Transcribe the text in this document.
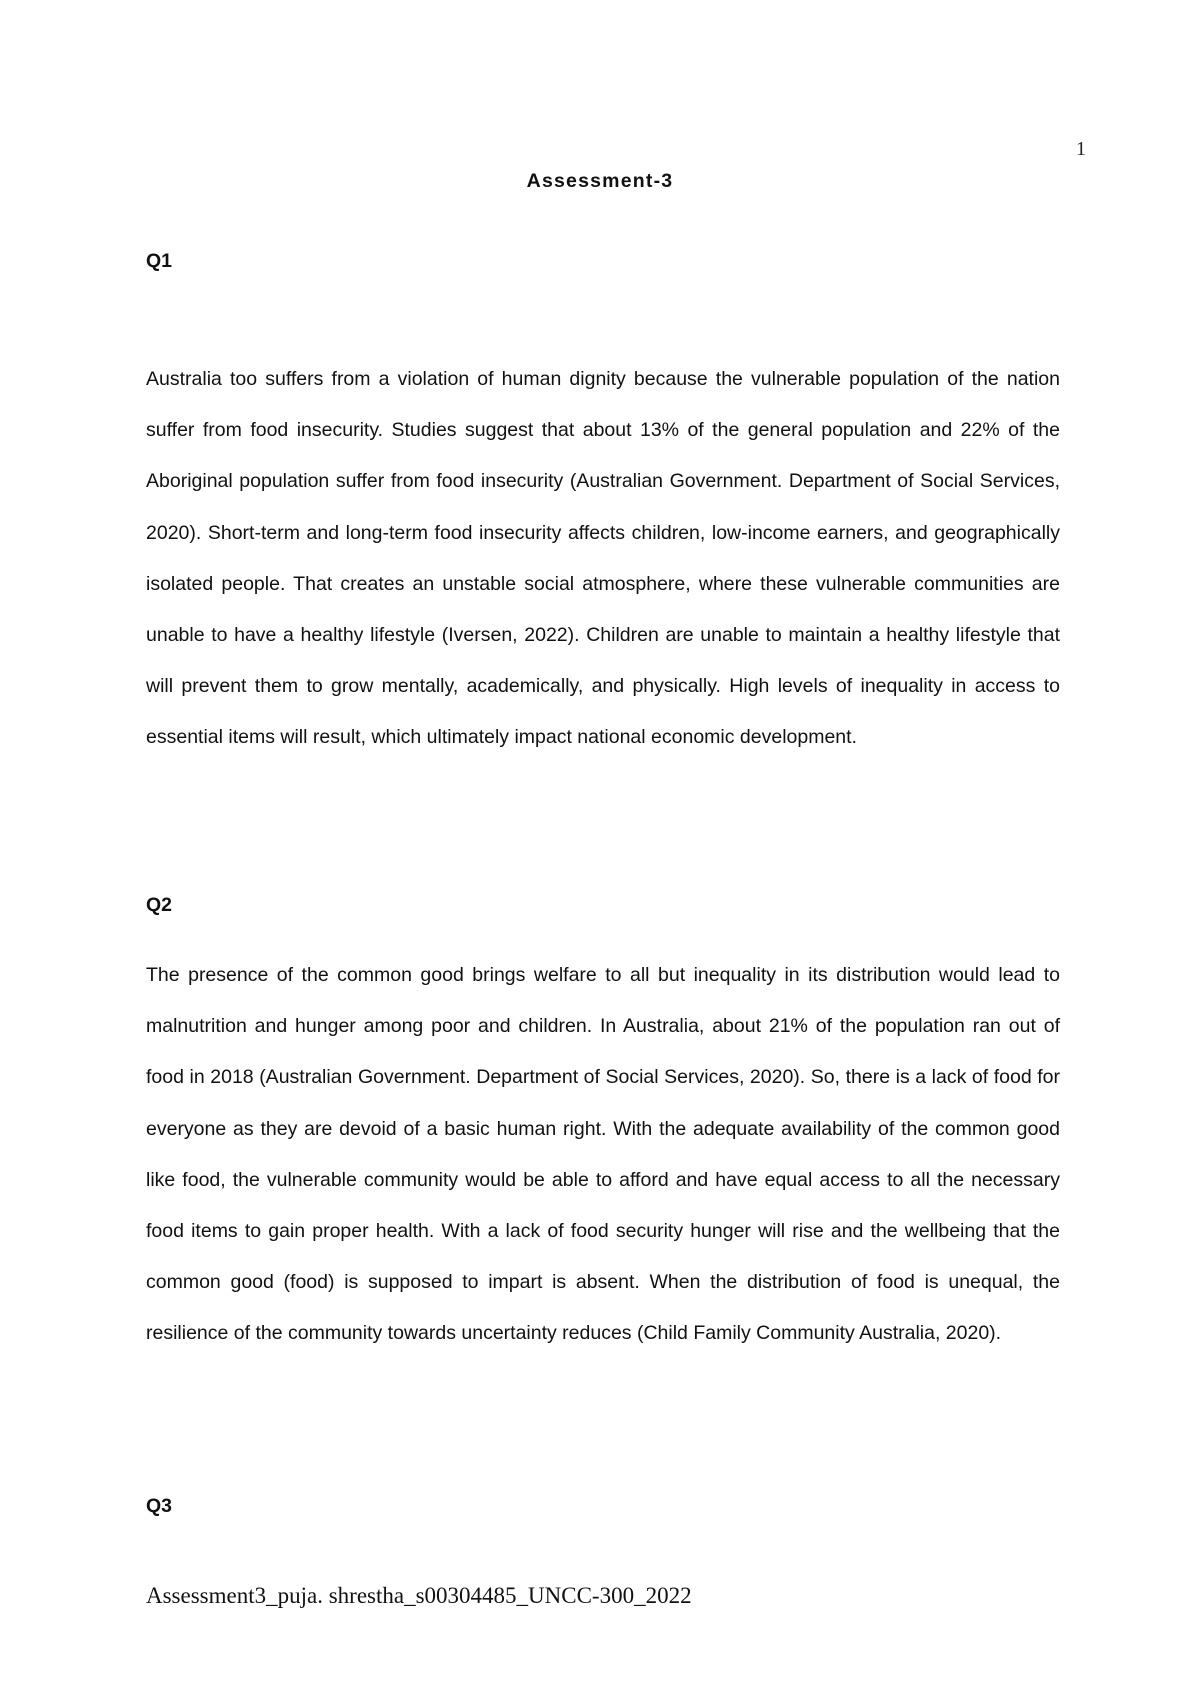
1
Assessment-3
Q1

Australia too suffers from a violation of human dignity because the vulnerable population of the nation suffer from food insecurity. Studies suggest that about 13% of the general population and 22% of the Aboriginal population suffer from food insecurity (Australian Government. Department of Social Services, 2020). Short-term and long-term food insecurity affects children, low-income earners, and geographically isolated people. That creates an unstable social atmosphere, where these vulnerable communities are unable to have a healthy lifestyle (Iversen, 2022). Children are unable to maintain a healthy lifestyle that will prevent them to grow mentally, academically, and physically. High levels of inequality in access to essential items will result, which ultimately impact national economic development.

Q2

The presence of the common good brings welfare to all but inequality in its distribution would lead to malnutrition and hunger among poor and children. In Australia, about 21% of the population ran out of food in 2018 (Australian Government. Department of Social Services, 2020). So, there is a lack of food for everyone as they are devoid of a basic human right. With the adequate availability of the common good like food, the vulnerable community would be able to afford and have equal access to all the necessary food items to gain proper health. With a lack of food security hunger will rise and the wellbeing that the common good (food) is supposed to impart is absent. When the distribution of food is unequal, the resilience of the community towards uncertainty reduces (Child Family Community Australia, 2020).

Q3
Assessment3_puja. shrestha_s00304485_UNCC-300_2022
